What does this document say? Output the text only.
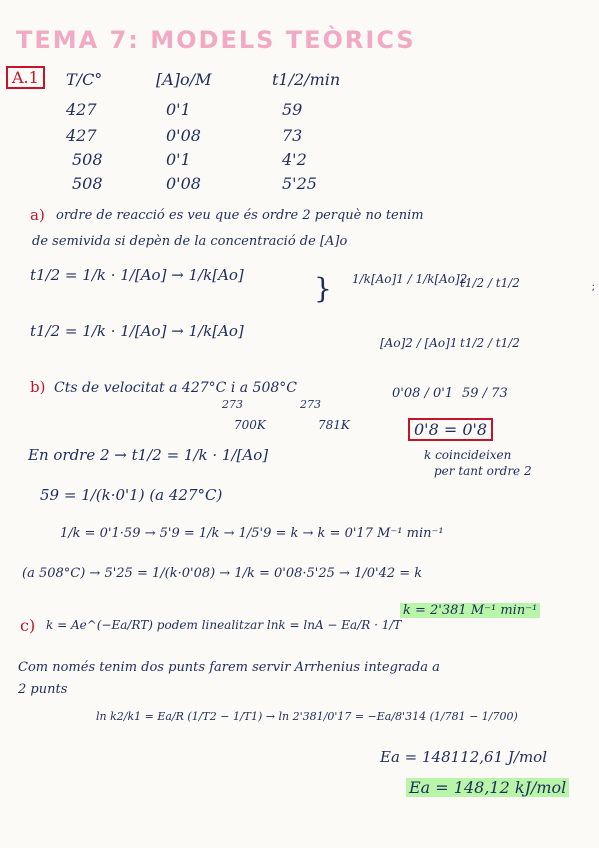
TEMA 7: MODELS TEÒRICS
A.1	T/C°	[A]o/M	t1/2/min
427	0'1	59
427	0'08	73
508	0'1	4'2
508	0'08	5'25
a) ordre de reacció es veu que és ordre 2 perquè no tenim
de semivida si depèn de la concentració de [A]o
t1/2 = 1/k · 1/[Ao] → 1/k[Ao]
t1/2 = 1/k · 1/[Ao] → 1/k[Ao]
} 1/k[Ao]1 / 1/k[Ao]2
t1/2 / t1/2
[Ao]2 / [Ao]1 t1/2 / t1/2
0'08 / 0'1 59 / 73
0'8 = 0'8
k coincideixen
per tant ordre 2
b) Cts de velocitat a 427°C i a 508°C
273	273
700K	781K
En ordre 2 → t1/2 = 1/k · 1/[Ao]
59 = 1/(k·0'1) (a 427°C)
1/k = 0'1·59 → 5'9 = 1/k → 1/5'9 = k → k = 0'17 M⁻¹ min⁻¹
(a 508°C) → 5'25 = 1/(k·0'08) → 1/k = 0'08·5'25 → 1/0'42 = k
c) k = Ae^(−Ea/RT) podem linealitzar lnk = lnA − Ea/R · 1/T
k = 2'381 M⁻¹ min⁻¹
Com només tenim dos punts farem servir Arrhenius integrada a
2 punts
ln k2/k1 = Ea/R (1/T2 − 1/T1) → ln 2'381/0'17 = −Ea/8'314 (1/781 − 1/700)
Ea = 148112,61 J/mol
Ea = 148,12 kJ/mol
;
